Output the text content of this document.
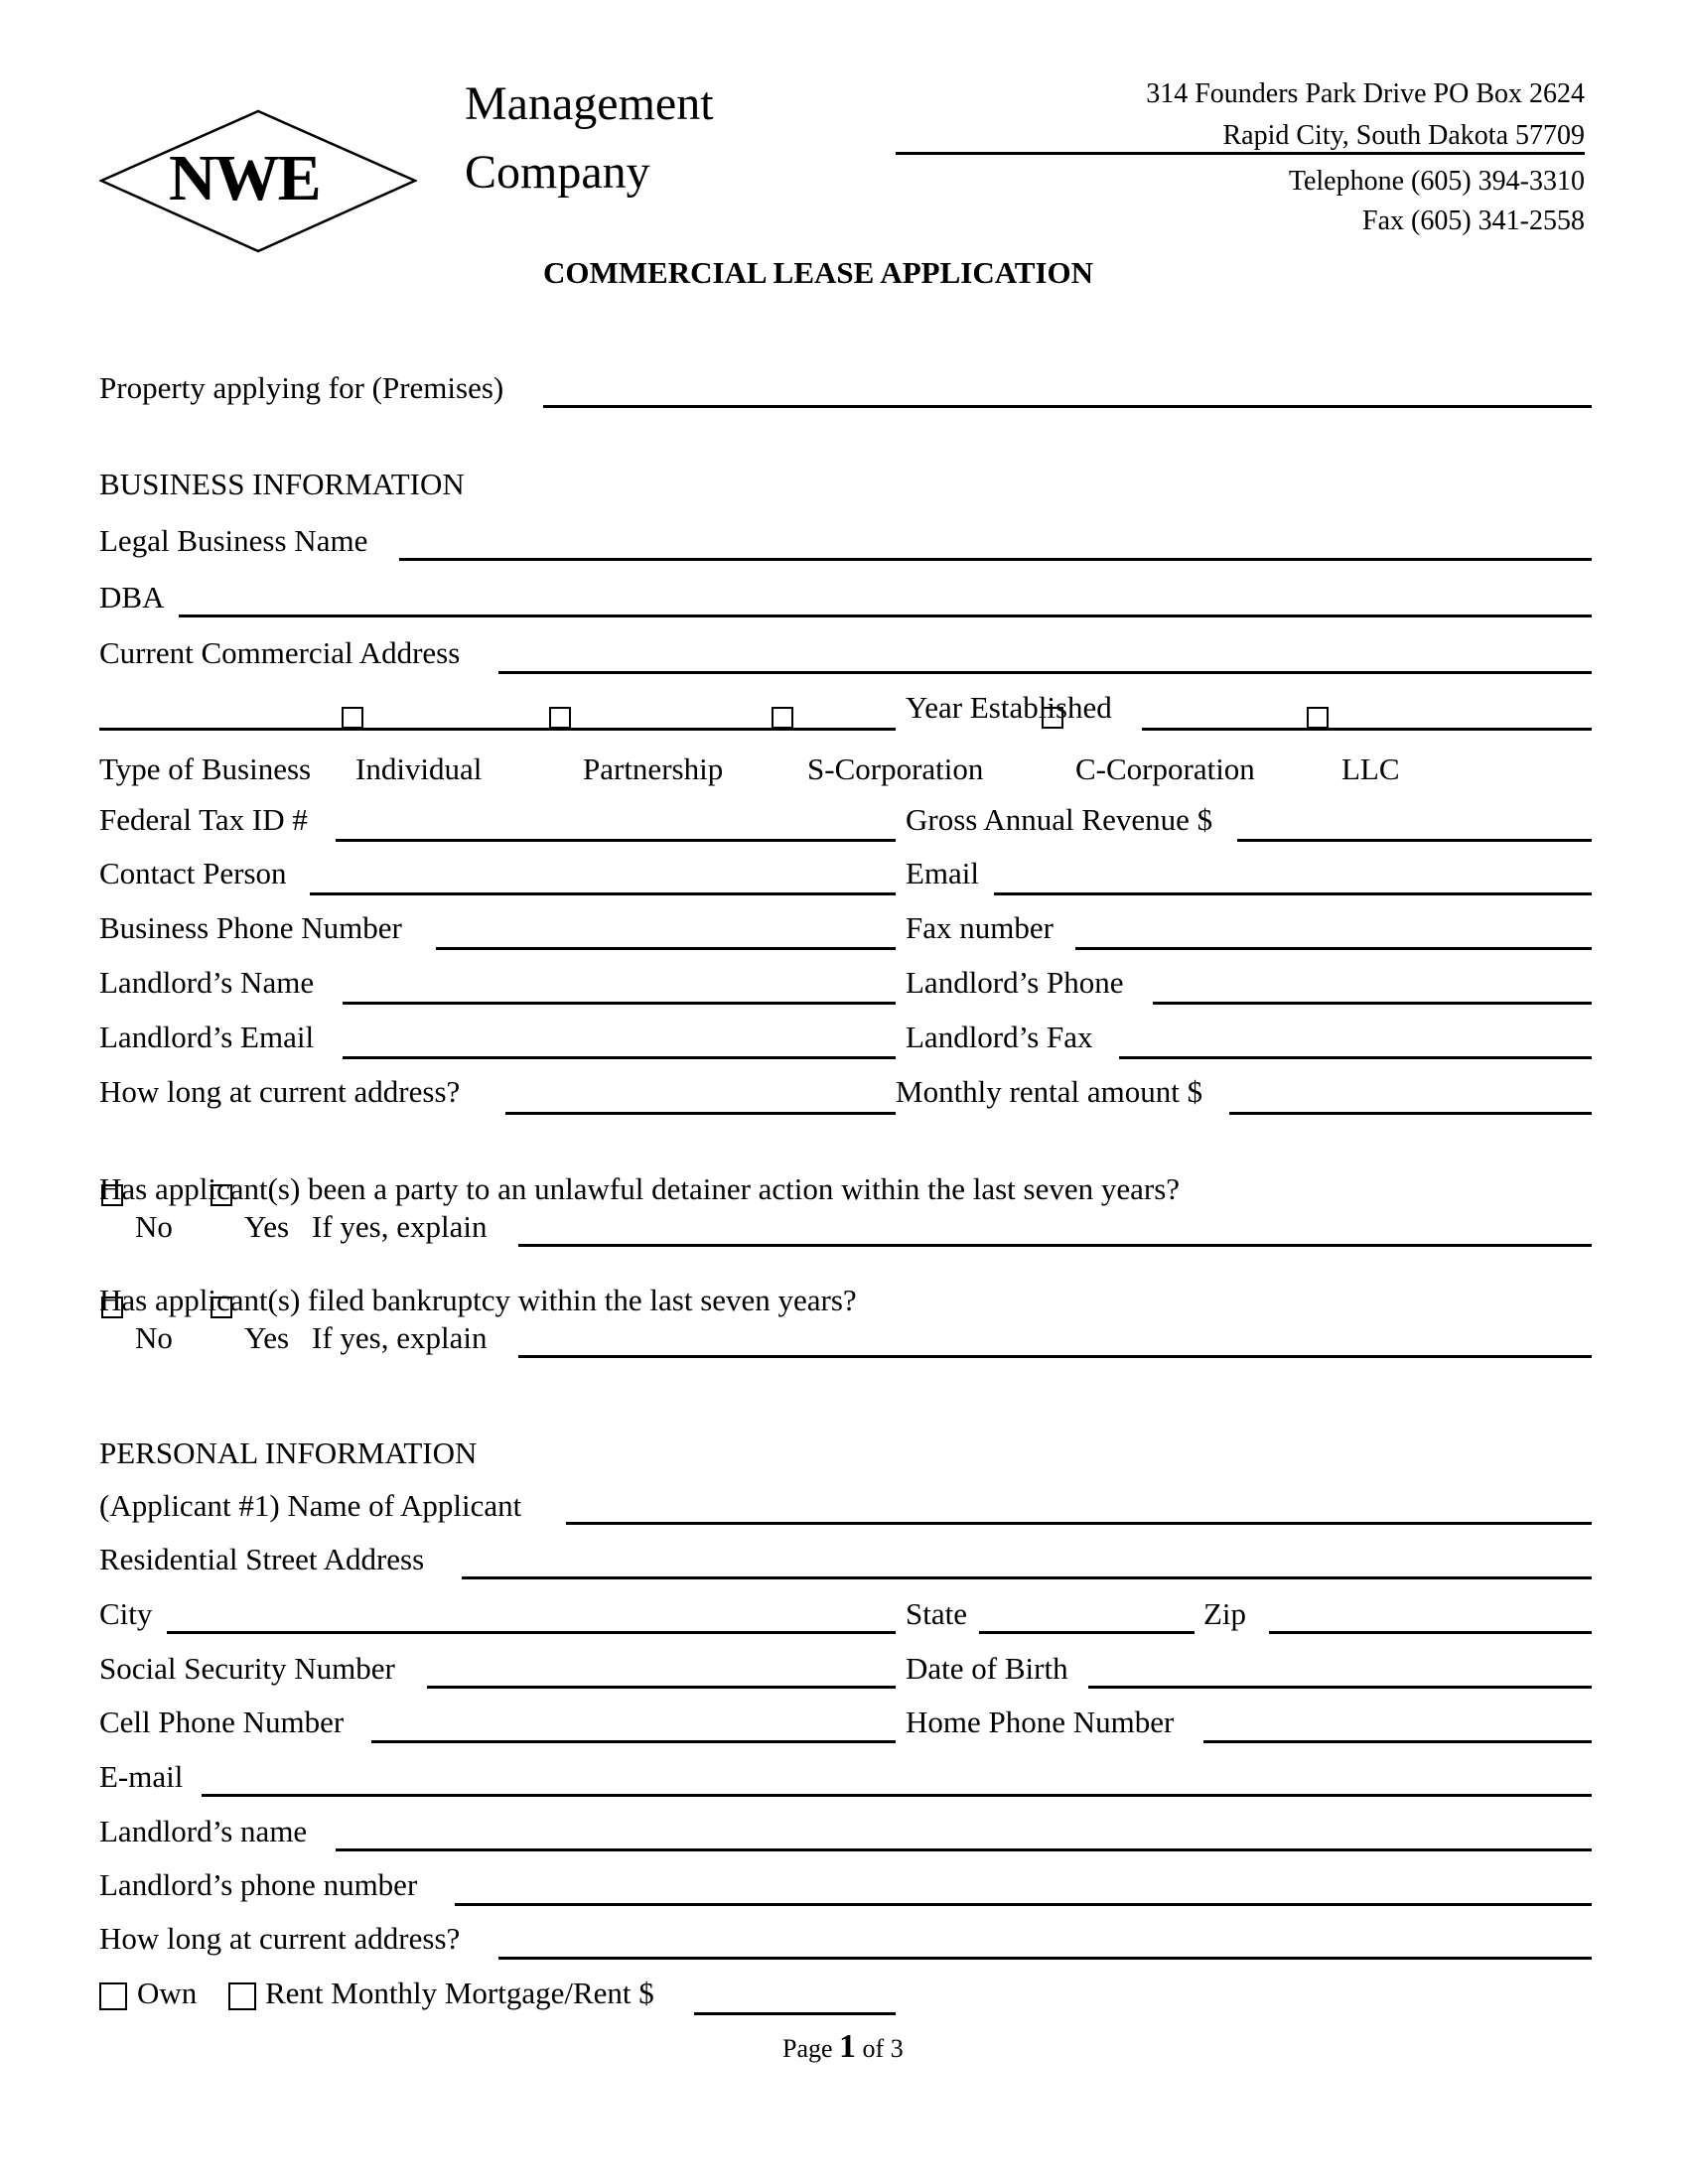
NWE
Management
Company
314 Founders Park Drive PO Box 2624
Rapid City, South Dakota 57709
Telephone (605) 394-3310
Fax (605) 341-2558
COMMERCIAL LEASE APPLICATION
Property applying for (Premises)
BUSINESS INFORMATION
Legal Business Name
DBA
Current Commercial Address
Year Established
Type of Business Individual	Partnership	S-Corporation	C-Corporation	LLC
Federal Tax ID #	Gross Annual Revenue $
Contact Person	Email
Business Phone Number	Fax number
Landlord’s Name	Landlord’s Phone
Landlord’s Email	Landlord’s Fax
How long at current address?	Monthly rental amount $
Has applicant(s) been a party to an unlawful detainer action within the last seven years?
No Yes If yes, explain
Has applicant(s) filed bankruptcy within the last seven years?
No Yes If yes, explain
PERSONAL INFORMATION
(Applicant #1) Name of Applicant
Residential Street Address
City	State	Zip
Social Security Number	Date of Birth
Cell Phone Number	Home Phone Number
E-mail
Landlord’s name
Landlord’s phone number
How long at current address?
Own Rent Monthly Mortgage/Rent $
Page 1 of 3
